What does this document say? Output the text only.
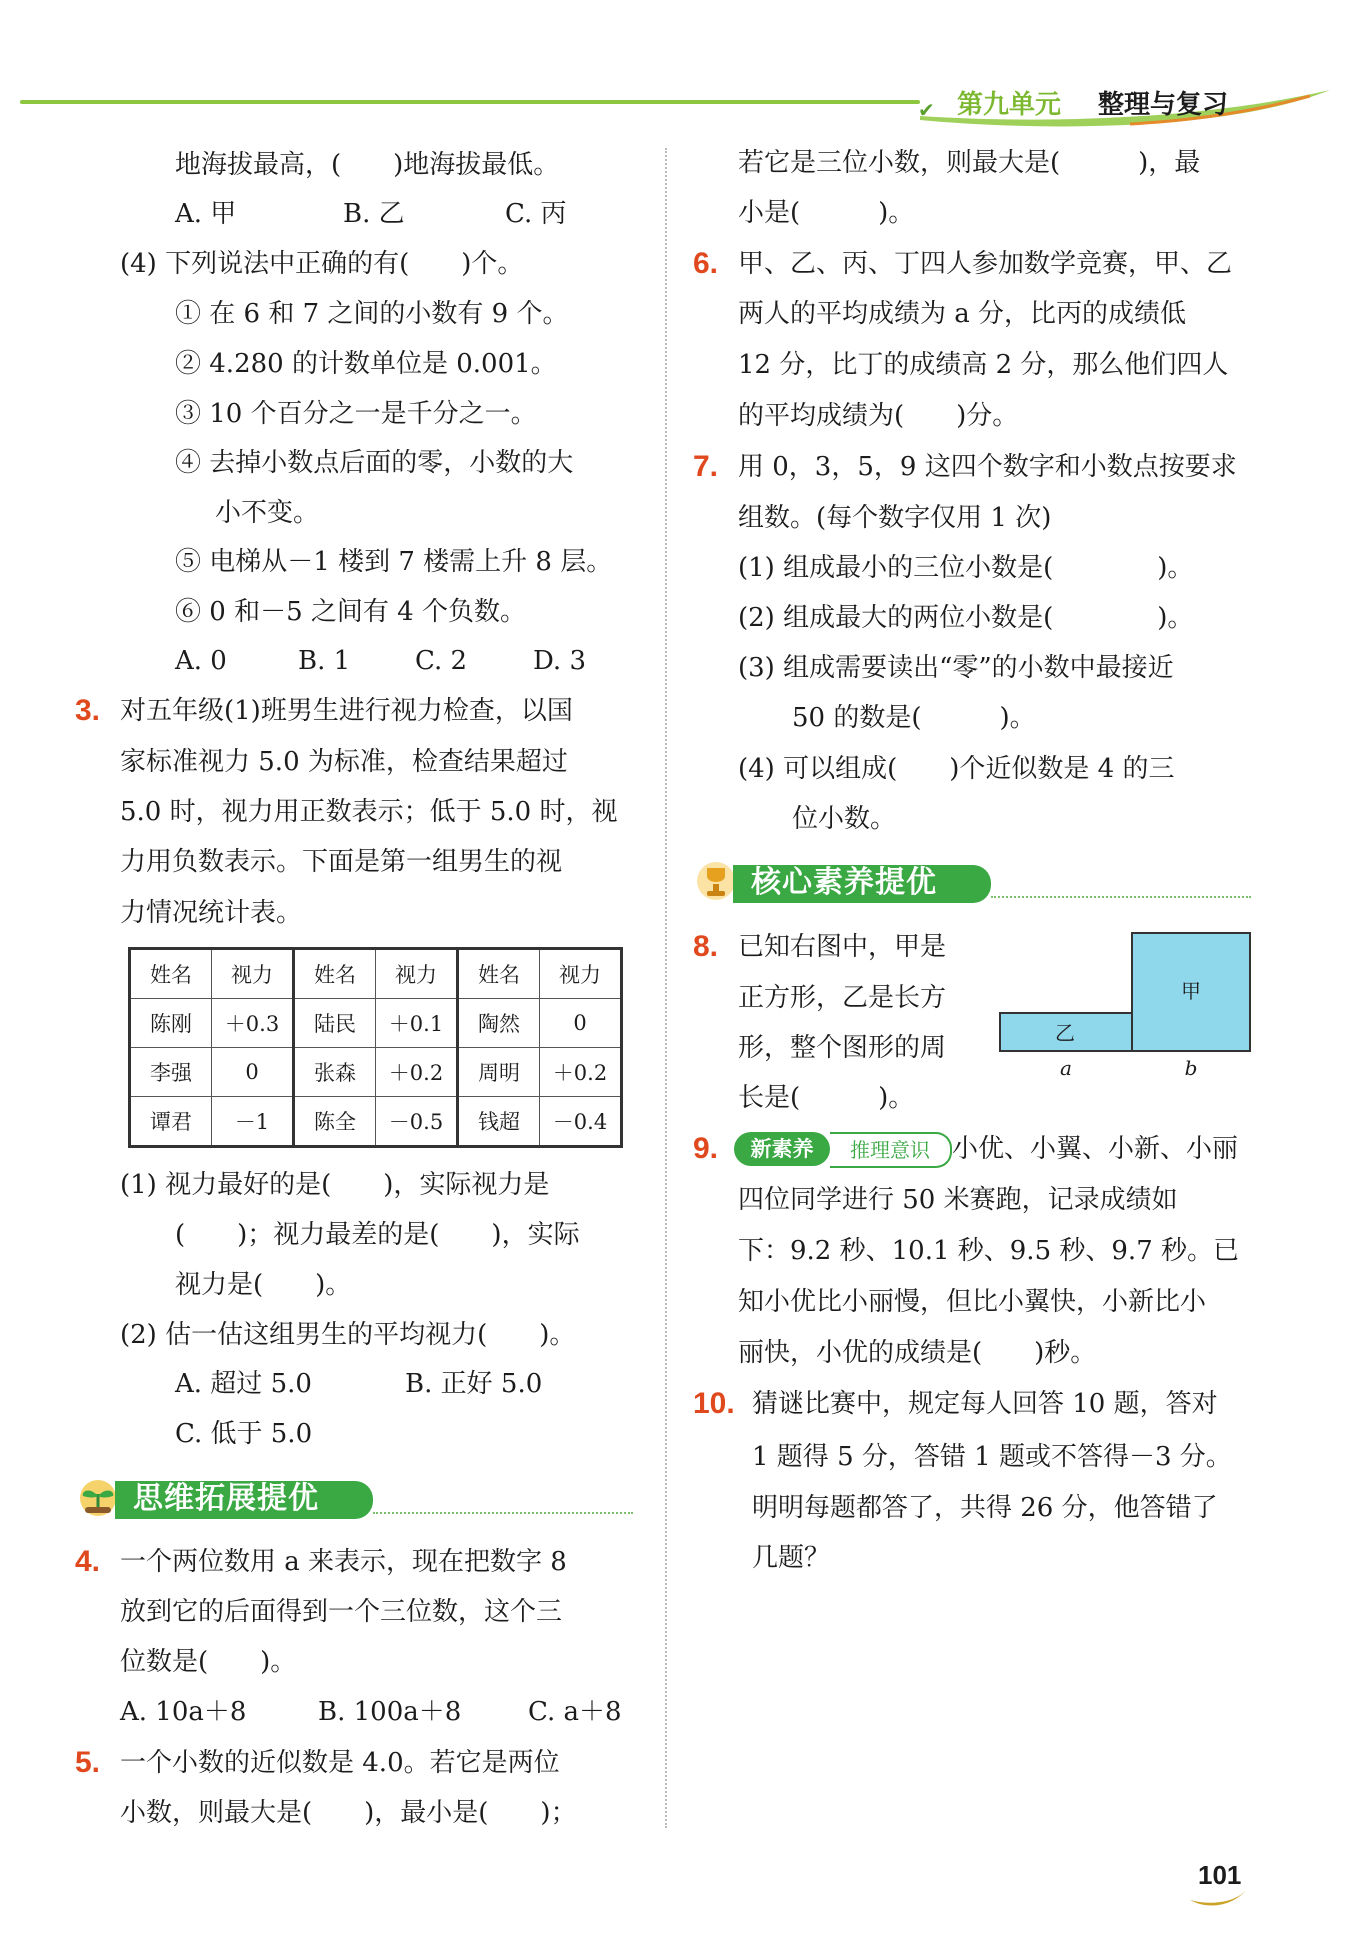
✔ 第九单元 整理与复习
地海拔最高，(　　)地海拔最低。
A. 甲	B. 乙	C. 丙
(4) 下列说法中正确的有(　　)个。
① 在 6 和 7 之间的小数有 9 个。
② 4.280 的计数单位是 0.001。
③ 10 个百分之一是千分之一。
④ 去掉小数点后面的零，小数的大
小不变。
⑤ 电梯从－1 楼到 7 楼需上升 8 层。
⑥ 0 和－5 之间有 4 个负数。
A. 0	B. 1 C. 2	D. 3
3. 对五年级(1)班男生进行视力检查，以国
家标准视力 5.0 为标准，检查结果超过
5.0 时，视力用正数表示；低于 5.0 时，视
力用负数表示。下面是第一组男生的视
力情况统计表。
姓名	视力	姓名	视力	姓名	视力
陈刚	＋0.3	陆民	＋0.1	陶然	0
李强	0	张森	＋0.2	周明	＋0.2
谭君	－1	陈全	－0.5	钱超	－0.4
(1) 视力最好的是(　　)，实际视力是
(　　)；视力最差的是(　　)，实际
视力是(　　)。
(2) 估一估这组男生的平均视力(　　)。
A. 超过 5.0	B. 正好 5.0
C. 低于 5.0
思维拓展提优
4. 一个两位数用 a 来表示，现在把数字 8
放到它的后面得到一个三位数，这个三
位数是(　　)。
A. 10a＋8	B. 100a＋8	C. a＋8
5. 一个小数的近似数是 4.0。若它是两位
小数，则最大是(　　)，最小是(　　)；
若它是三位小数，则最大是(　　　)，最
小是(　　　)。
6. 甲、乙、丙、丁四人参加数学竞赛，甲、乙
两人的平均成绩为 a 分，比丙的成绩低
12 分，比丁的成绩高 2 分，那么他们四人
的平均成绩为(　　)分。
7. 用 0，3，5，9 这四个数字和小数点按要求
组数。(每个数字仅用 1 次)
(1) 组成最小的三位小数是(　　　　)。
(2) 组成最大的两位小数是(　　　　)。
(3) 组成需要读出“零”的小数中最接近
50 的数是(　　　)。
(4) 可以组成(　　)个近似数是 4 的三
位小数。
核心素养提优
8. 已知右图中，甲是
正方形，乙是长方
形，整个图形的周
长是(　　　)。
甲
乙
a	b
9.	新素养	推理意识 小优、小翼、小新、小丽
四位同学进行 50 米赛跑，记录成绩如
下：9.2 秒、10.1 秒、9.5 秒、9.7 秒。已
知小优比小丽慢，但比小翼快，小新比小
丽快，小优的成绩是(　　)秒。
10. 猜谜比赛中，规定每人回答 10 题，答对
1 题得 5 分，答错 1 题或不答得－3 分。
明明每题都答了，共得 26 分，他答错了
几题？
101
